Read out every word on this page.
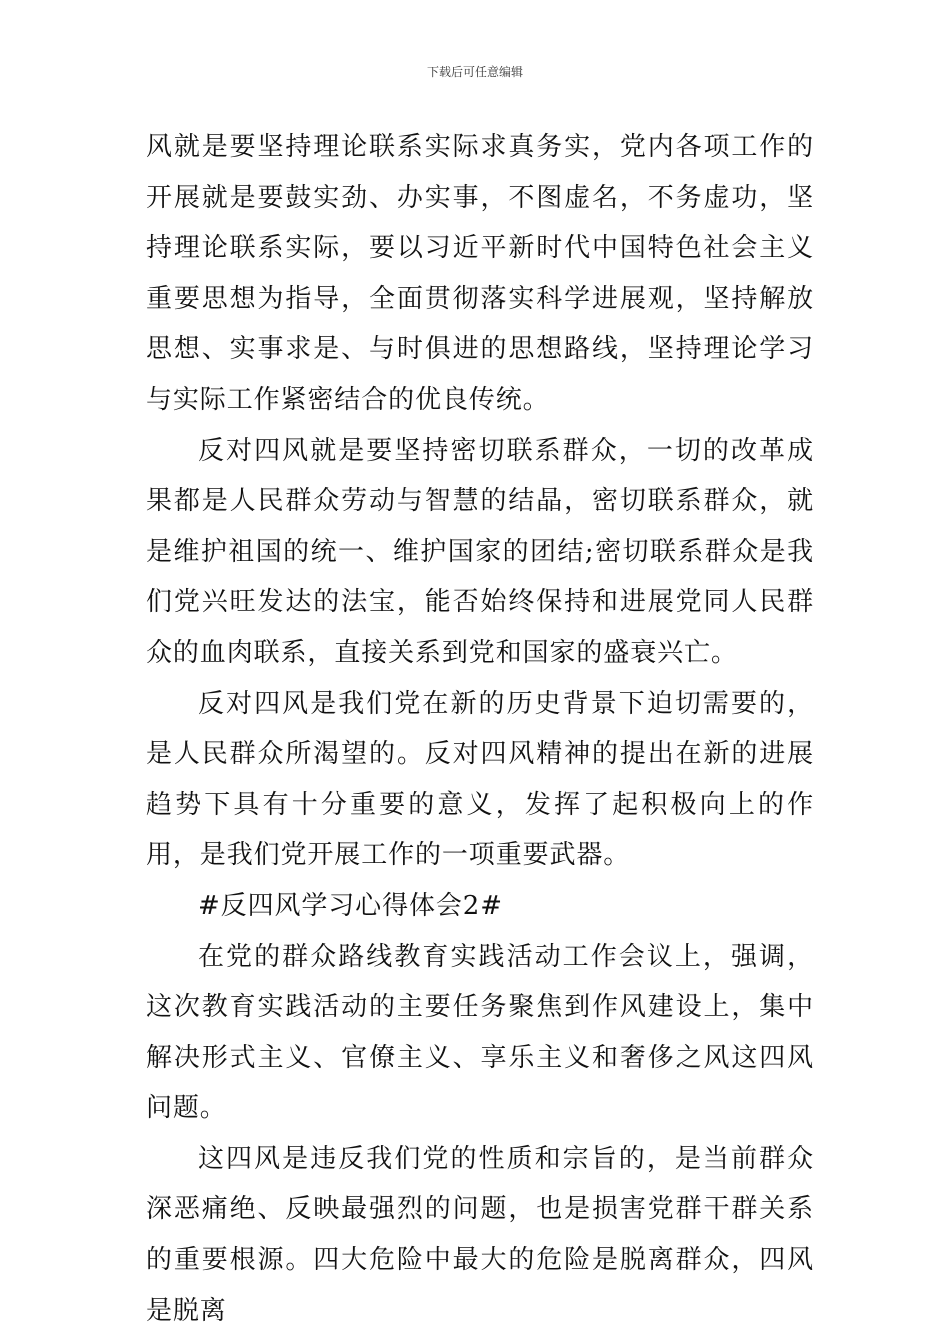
下载后可任意编辑

风就是要坚持理论联系实际求真务实，党内各项工作的开展就是要鼓实劲、办实事，不图虚名，不务虚功，坚持理论联系实际，要以习近平新时代中国特色社会主义重要思想为指导，全面贯彻落实科学进展观，坚持解放思想、实事求是、与时俱进的思想路线，坚持理论学习与实际工作紧密结合的优良传统。

反对四风就是要坚持密切联系群众，一切的改革成果都是人民群众劳动与智慧的结晶，密切联系群众，就是维护祖国的统一、维护国家的团结;密切联系群众是我们党兴旺发达的法宝，能否始终保持和进展党同人民群众的血肉联系，直接关系到党和国家的盛衰兴亡。

反对四风是我们党在新的历史背景下迫切需要的，是人民群众所渴望的。反对四风精神的提出在新的进展趋势下具有十分重要的意义，发挥了起积极向上的作用，是我们党开展工作的一项重要武器。

#反四风学习心得体会2#

在党的群众路线教育实践活动工作会议上，强调，这次教育实践活动的主要任务聚焦到作风建设上，集中解决形式主义、官僚主义、享乐主义和奢侈之风这四风问题。

这四风是违反我们党的性质和宗旨的，是当前群众深恶痛绝、反映最强烈的问题，也是损害党群干群关系的重要根源。四大危险中最大的危险是脱离群众，四风是脱离
